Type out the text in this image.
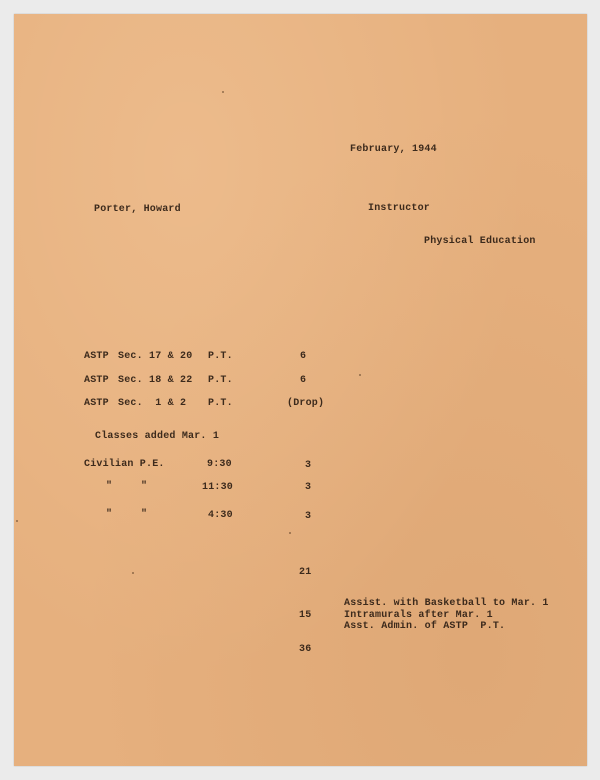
February, 1944
Porter, Howard	Instructor
Physical Education
ASTP Sec. 17 & 20 P.T.	6
ASTP Sec. 18 & 22 P.T.	6
ASTP Sec.  1 & 2 P.T.	(Drop)
Classes added Mar. 1
Civilian P.E.	9:30	3
"	"	11:30	3
"	"	4:30	3
21
15
36
Assist. with Basketball to Mar. 1
Intramurals after Mar. 1
Asst. Admin. of ASTP  P.T.
